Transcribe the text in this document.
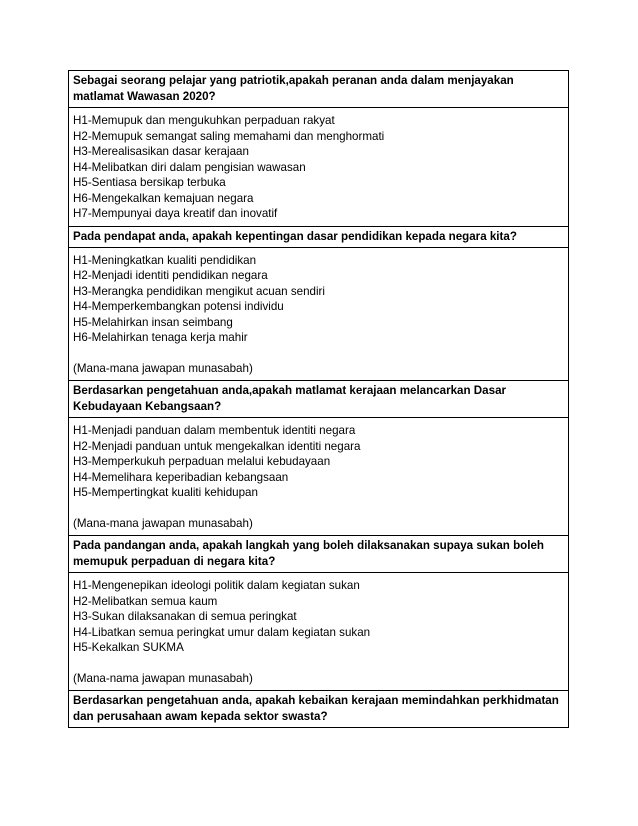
Sebagai seorang pelajar yang patriotik,apakah peranan anda dalam menjayakan matlamat Wawasan 2020?
H1-Memupuk dan mengukuhkan perpaduan rakyat
H2-Memupuk semangat saling memahami dan menghormati
H3-Merealisasikan dasar kerajaan
H4-Melibatkan diri dalam pengisian wawasan
H5-Sentiasa bersikap terbuka
H6-Mengekalkan kemajuan negara
H7-Mempunyai daya kreatif dan inovatif
Pada pendapat anda, apakah kepentingan dasar pendidikan kepada negara kita?
H1-Meningkatkan kualiti pendidikan
H2-Menjadi identiti pendidikan negara
H3-Merangka pendidikan mengikut acuan sendiri
H4-Memperkembangkan potensi individu
H5-Melahirkan insan seimbang
H6-Melahirkan tenaga kerja mahir
(Mana-mana jawapan munasabah)
Berdasarkan pengetahuan anda,apakah matlamat kerajaan melancarkan Dasar Kebudayaan Kebangsaan?
H1-Menjadi panduan dalam membentuk identiti negara
H2-Menjadi panduan untuk mengekalkan identiti negara
H3-Memperkukuh perpaduan melalui kebudayaan
H4-Memelihara keperibadian kebangsaan
H5-Mempertingkat kualiti kehidupan
(Mana-mana jawapan munasabah)
Pada pandangan anda, apakah langkah yang boleh dilaksanakan supaya sukan boleh memupuk perpaduan di negara kita?
H1-Mengenepikan ideologi politik dalam kegiatan sukan
H2-Melibatkan semua kaum
H3-Sukan dilaksanakan di semua peringkat
H4-Libatkan semua peringkat umur dalam kegiatan sukan
H5-Kekalkan SUKMA
(Mana-nama jawapan munasabah)
Berdasarkan pengetahuan anda, apakah kebaikan kerajaan memindahkan perkhidmatan dan perusahaan awam kepada sektor swasta?
